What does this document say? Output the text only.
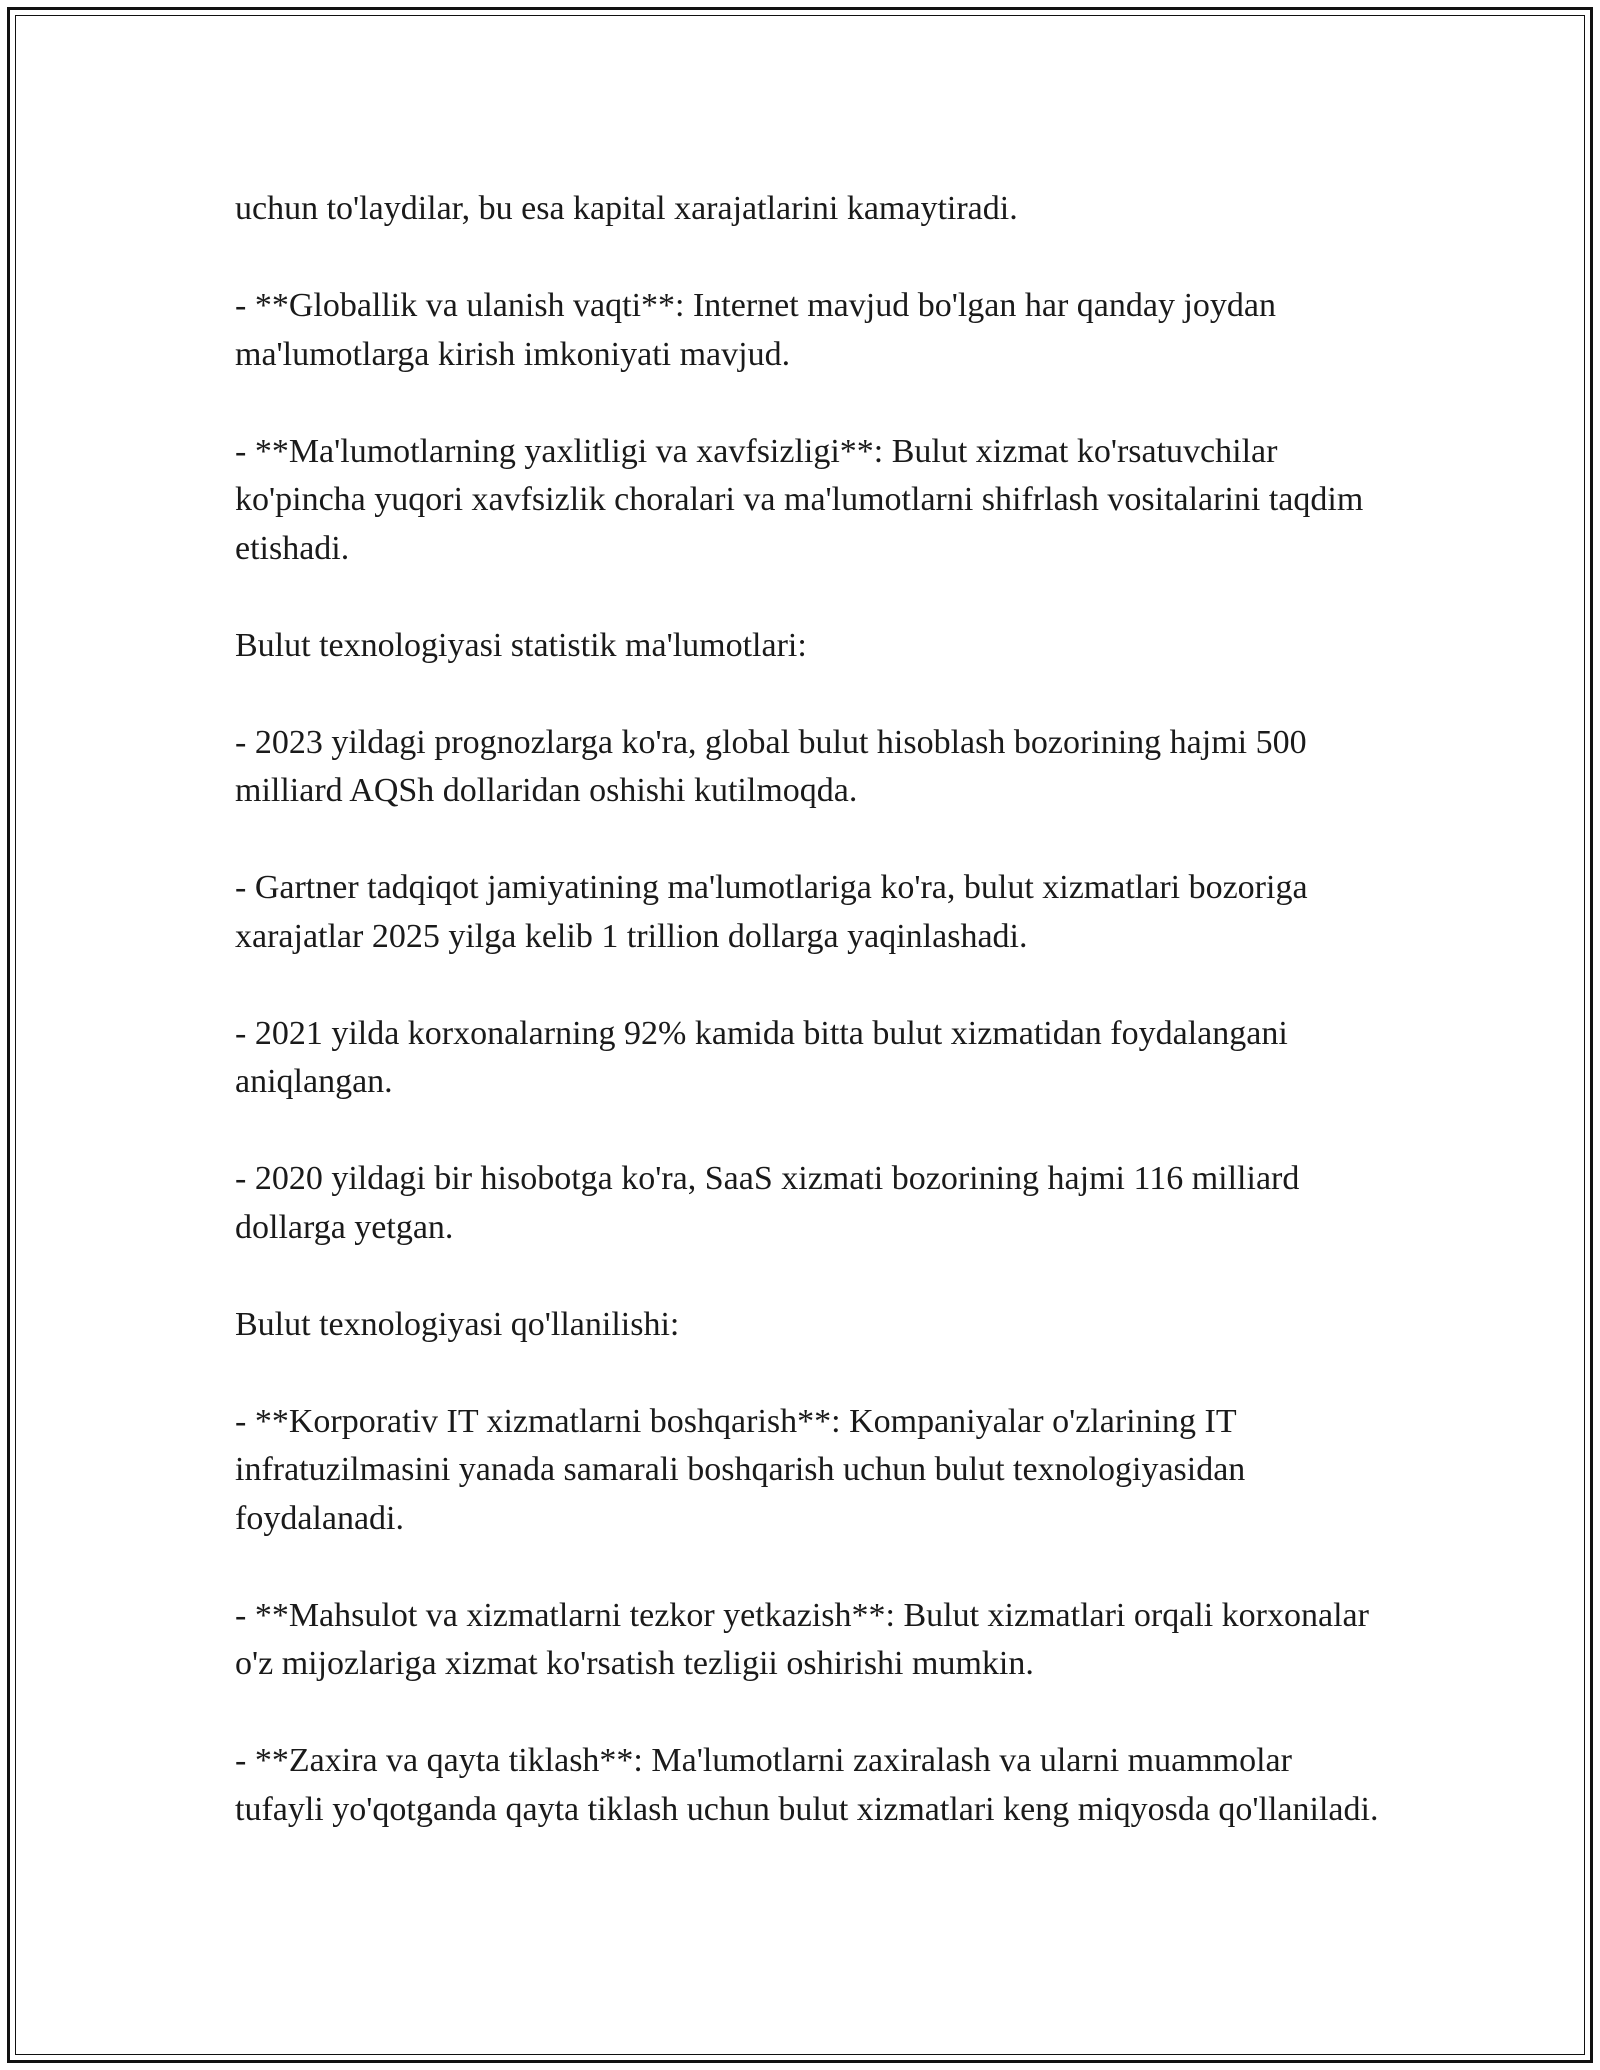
uchun to'laydilar, bu esa kapital xarajatlarini kamaytiradi.

- **Globallik va ulanish vaqti**: Internet mavjud bo'lgan har qanday joydan ma'lumotlarga kirish imkoniyati mavjud.

- **Ma'lumotlarning yaxlitligi va xavfsizligi**: Bulut xizmat ko'rsatuvchilar ko'pincha yuqori xavfsizlik choralari va ma'lumotlarni shifrlash vositalarini taqdim etishadi.

Bulut texnologiyasi statistik ma'lumotlari:

- 2023 yildagi prognozlarga ko'ra, global bulut hisoblash bozorining hajmi 500 milliard AQSh dollaridan oshishi kutilmoqda.

- Gartner tadqiqot jamiyatining ma'lumotlariga ko'ra, bulut xizmatlari bozoriga xarajatlar 2025 yilga kelib 1 trillion dollarga yaqinlashadi.

- 2021 yilda korxonalarning 92% kamida bitta bulut xizmatidan foydalangani aniqlangan.

- 2020 yildagi bir hisobotga ko'ra, SaaS xizmati bozorining hajmi 116 milliard dollarga yetgan.

Bulut texnologiyasi qo'llanilishi:

- **Korporativ IT xizmatlarni boshqarish**: Kompaniyalar o'zlarining IT infratuzilmasini yanada samarali boshqarish uchun bulut texnologiyasidan foydalanadi.

- **Mahsulot va xizmatlarni tezkor yetkazish**: Bulut xizmatlari orqali korxonalar o'z mijozlariga xizmat ko'rsatish tezligii oshirishi mumkin.

- **Zaxira va qayta tiklash**: Ma'lumotlarni zaxiralash va ularni muammolar tufayli yo'qotganda qayta tiklash uchun bulut xizmatlari keng miqyosda qo'llaniladi.
